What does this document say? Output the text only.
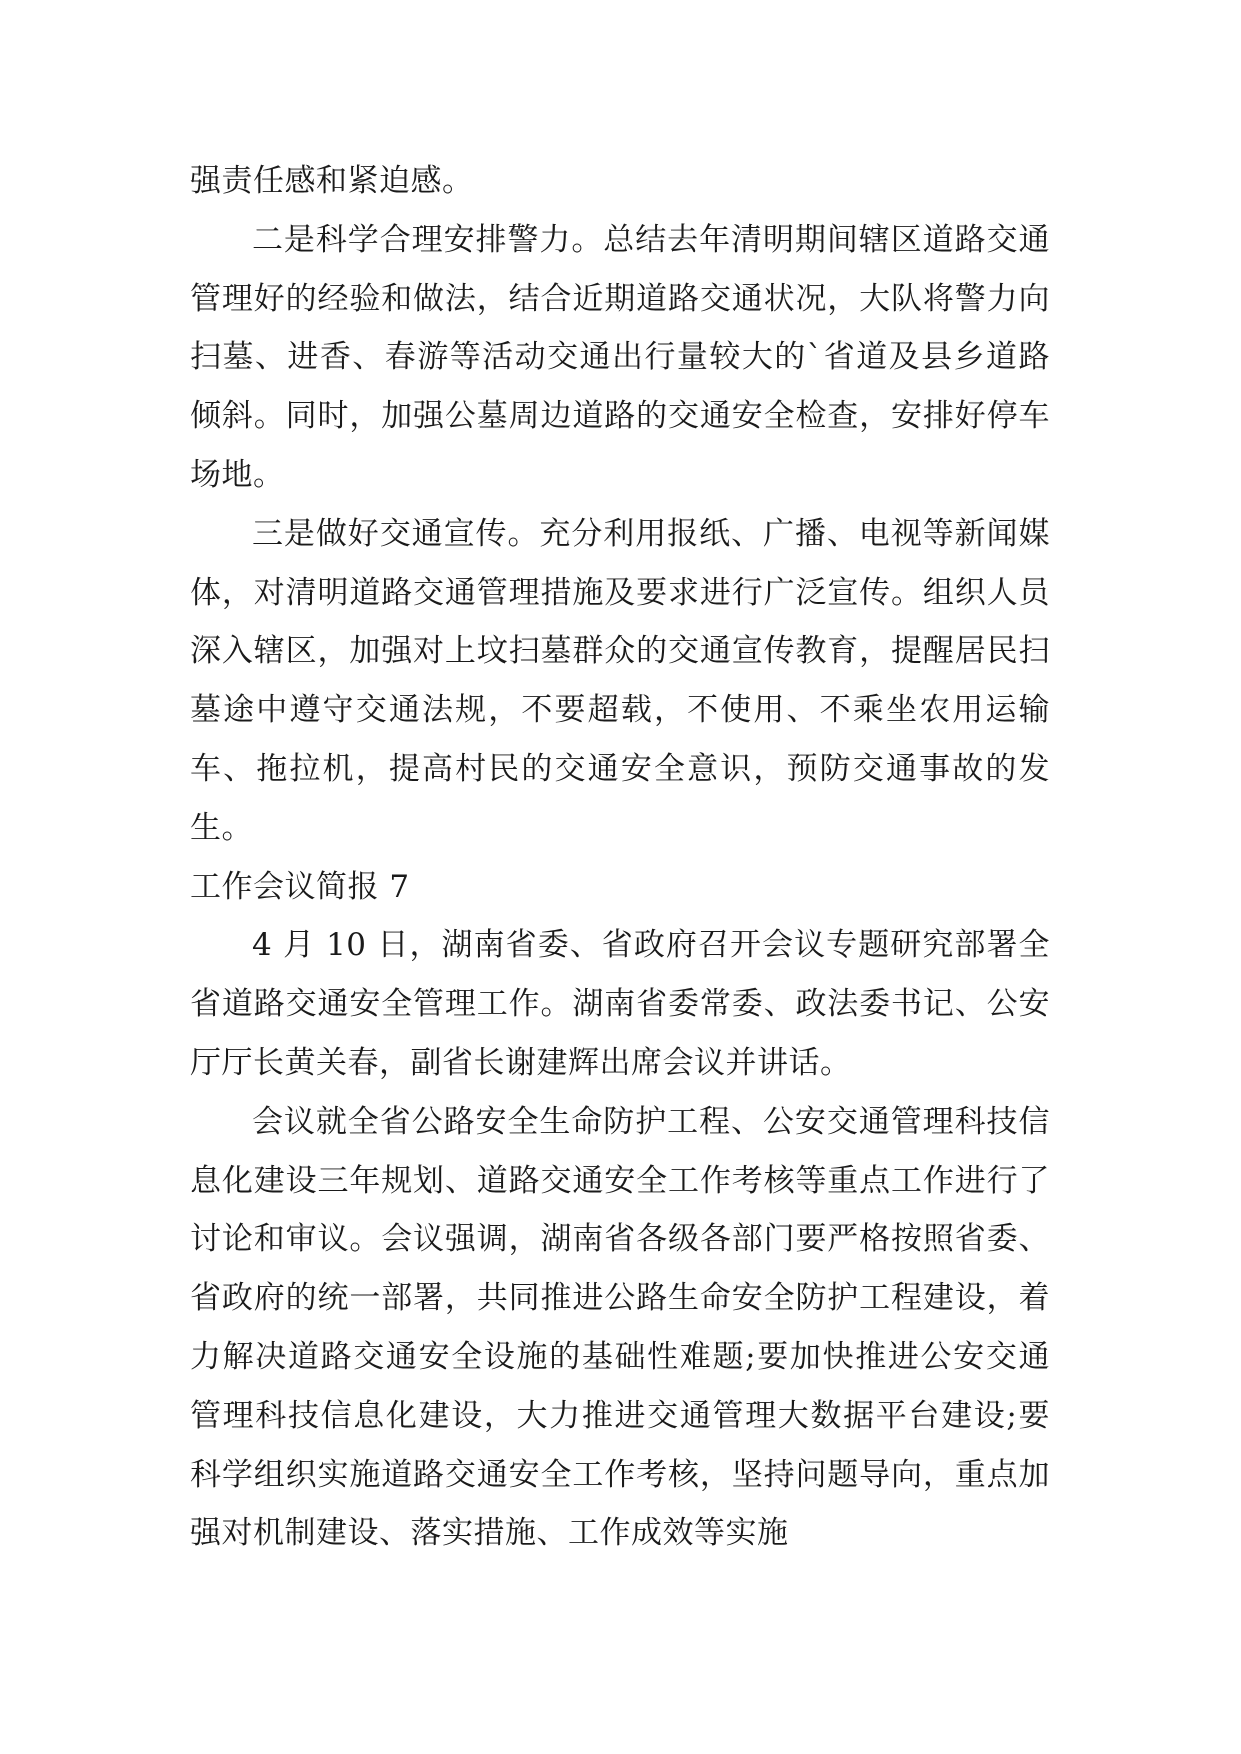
强责任感和紧迫感。

二是科学合理安排警力。总结去年清明期间辖区道路交通管理好的经验和做法，结合近期道路交通状况，大队将警力向扫墓、进香、春游等活动交通出行量较大的`省道及县乡道路倾斜。同时，加强公墓周边道路的交通安全检查，安排好停车场地。

三是做好交通宣传。充分利用报纸、广播、电视等新闻媒体，对清明道路交通管理措施及要求进行广泛宣传。组织人员深入辖区，加强对上坟扫墓群众的交通宣传教育，提醒居民扫墓途中遵守交通法规，不要超载，不使用、不乘坐农用运输车、拖拉机，提高村民的交通安全意识，预防交通事故的发生。

工作会议简报 7

4 月 10 日，湖南省委、省政府召开会议专题研究部署全省道路交通安全管理工作。湖南省委常委、政法委书记、公安厅厅长黄关春，副省长谢建辉出席会议并讲话。

会议就全省公路安全生命防护工程、公安交通管理科技信息化建设三年规划、道路交通安全工作考核等重点工作进行了讨论和审议。会议强调，湖南省各级各部门要严格按照省委、省政府的统一部署，共同推进公路生命安全防护工程建设，着力解决道路交通安全设施的基础性难题;要加快推进公安交通管理科技信息化建设，大力推进交通管理大数据平台建设;要科学组织实施道路交通安全工作考核，坚持问题导向，重点加强对机制建设、落实措施、工作成效等实施
